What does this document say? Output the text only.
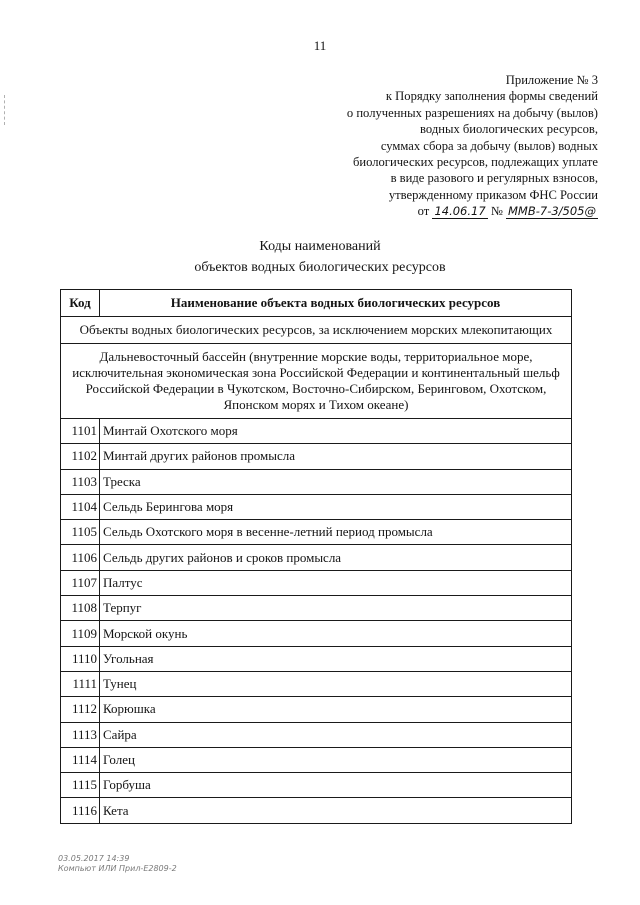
11
Приложение № 3
к Порядку заполнения формы сведений
о полученных разрешениях на добычу (вылов)
водных биологических ресурсов,
суммах сбора за добычу (вылов) водных
биологических ресурсов, подлежащих уплате
в виде разового и регулярных взносов,
утвержденному приказом ФНС России
от 14.06.17 № ММВ-7-3/505@
Коды наименований
объектов водных биологических ресурсов
Код	Наименование объекта водных биологических ресурсов
Объекты водных биологических ресурсов, за исключением морских млекопитающих	
Дальневосточный бассейн (внутренние морские воды, территориальное море, исключительная экономическая зона Российской Федерации и континентальный шельф Российской Федерации в Чукотском, Восточно-Сибирском, Беринговом, Охотском, Японском морях и Тихом океане)	
1101	Минтай Охотского моря
1102	Минтай других районов промысла
1103	Треска
1104	Сельдь Берингова моря
1105	Сельдь Охотского моря в весенне-летний период промысла
1106	Сельдь других районов и сроков промысла
1107	Палтус
1108	Терпуг
1109	Морской окунь
1110	Угольная
1111	Тунец
1112	Корюшка
1113	Сайра
1114	Голец
1115	Горбуша
1116	Кета
03.05.2017 14:39
Компьют ИЛИ Прил-Е2809-2
